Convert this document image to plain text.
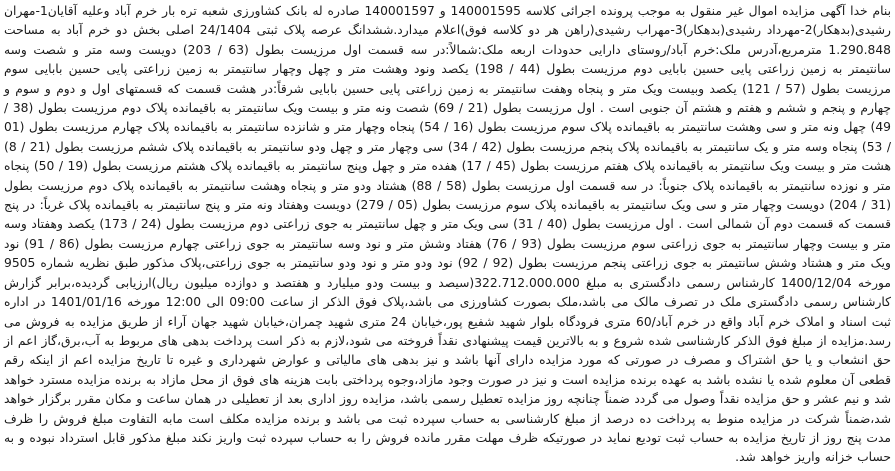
بنام خدا آگهی مزایده اموال غیر منقول به موجب پرونده اجرائی کلاسه 140001595 و 140001597 صادره له بانک کشاورزی شعبه تره بار خرم آباد وعلیه آقایان1-مهران رشیدی(بدهکار)2-مهرداد رشیدی(بدهکار)3-مهراب رشیدی(راهن هر دو کلاسه فوق)اعلام میدارد.ششدانگ عرصه پلاک ثبتی 24/1404 اصلی بخش دو خرم آباد به مساحت 1.290.848 مترمربع،آدرس ملک:خرم آباد/روستای دارایی حدودات اربعه ملک:شمالاً:در سه قسمت اول مرزیست بطول (63 / 203) دویست وسه متر و شصت وسه سانتیمتر به زمین زراعتی پایی حسین بابایی دوم مرزیست بطول (44 / 198) یکصد ونود وهشت متر و چهل وچهار سانتیمتر به زمین زراعتی پایی حسین بابایی سوم مرزیست بطول (57 / 121) یکصد وبیست ویک متر و پنجاه وهفت سانتیمتر به زمین زراعتی پایی حسین بابایی شرقاً:در هشت قسمت که قسمتهای اول و دوم و سوم و چهارم و پنجم و ششم و هفتم و هشتم آن جنوبی است . اول مرزیست بطول (21 / 69) شصت ونه متر و بیست ویک سانتیمتر به باقیمانده پلاک دوم مرزیست بطول (38 / 49) چهل ونه متر و سی وهشت سانتیمتر به باقیمانده پلاک سوم مرزیست بطول (16 / 54) پنجاه وچهار متر و شانزده سانتیمتر به باقیمانده پلاک چهارم مرزیست بطول (01 / 53) پنجاه وسه متر و یک سانتیمتر به باقیمانده پلاک پنجم مرزیست بطول (42 / 34) سی وچهار متر و چهل ودو سانتیمتر به باقیمانده پلاک ششم مرزیست بطول (21 / 8) هشت متر و بیست ویک سانتیمتر به باقیمانده پلاک هفتم مرزیست بطول (45 / 17) هفده متر و چهل وپنج سانتیمتر به باقیمانده پلاک هشتم مرزیست بطول (19 / 50) پنجاه متر و نوزده سانتیمتر به باقیمانده پلاک جنوباً: در سه قسمت اول مرزیست بطول (58 / 88) هشتاد ودو متر و پنجاه وهشت سانتیمتر به باقیمانده پلاک دوم مرزیست بطول (31 / 204) دویست وچهار متر و سی ویک سانتیمتر به باقیمانده پلاک سوم مرزیست بطول (05 / 279) دویست وهفتاد ونه متر و پنج سانتیمتر به باقیمانده پلاک غرباً: در پنج قسمت که قسمت دوم آن شمالی است . اول مرزیست بطول (40 / 31) سی ویک متر و چهل سانتیمتر به جوی زراعتی دوم مرزیست بطول (24 / 173) یکصد وهفتاد وسه متر و بیست وچهار سانتیمتر به جوی زراعتی سوم مرزیست بطول (93 / 76) هفتاد وشش متر و نود وسه سانتیمتر به جوی زراعتی چهارم مرزیست بطول (86 / 91) نود ویک متر و هشتاد وشش سانتیمتر به جوی زراعتی پنجم مرزیست بطول (92 / 92) نود ودو متر و نود ودو سانتیمتر به جوی زراعتی،پلاک مذکور طبق نظریه شماره 9505 مورخه 1400/12/04 کارشناس رسمی دادگستری به مبلغ 322.712.000.000(سیصد و بیست ودو میلیارد و هفتصد و دوازده میلیون ریال)ارزیابی گردیده،برابر گزارش کارشناس رسمی دادگستری ملک در تصرف مالک می باشد،ملک بصورت کشاورزی می باشد،پلاک فوق الذکر از ساعت 09:00 الی 12:00 مورخه 1401/01/16 در اداره ثبت اسناد و املاک خرم آباد واقع در خرم آباد/60 متری فرودگاه بلوار شهید شفیع پور،خیابان 24 متری شهید چمران،خیابان شهید جهان آراء از طریق مزایده به فروش می رسد.مزایده از مبلغ فوق الذکر کارشناسی شده شروع و به بالاترین قیمت پیشنهادی نقداً فروخته می شود،لازم به ذکر است پرداخت بدهی های مربوط به آب،برق،گاز اعم از حق انشعاب و یا حق اشتراک و مصرف در صورتی که مورد مزایده دارای آنها باشد و نیز بدهی های مالیاتی و عوارض شهرداری و غیره تا تاریخ مزایده اعم از اینکه رقم قطعی آن معلوم شده یا نشده باشد به عهده برنده مزایده است و نیز در صورت وجود مازاد،وجوه پرداختی بابت هزینه های فوق از محل مازاد به برنده مزایده مسترد خواهد شد و نیم عشر و حق مزایده نقداً وصول می گردد ضمناً چنانچه روز مزایده تعطیل رسمی باشد، مزایده روز اداری بعد از تعطیلی در همان ساعت و مکان مقرر برگزار خواهد شد،ضمناً شرکت در مزایده منوط به پرداخت ده درصد از مبلغ کارشناسی به حساب سپرده ثبت می باشد و برنده مزایده مکلف است مابه التفاوت مبلغ فروش را ظرف مدت پنج روز از تاریخ مزایده به حساب ثبت تودیع نماید در صورتیکه ظرف مهلت مقرر مانده فروش را به حساب سپرده ثبت واریز نکند مبلغ مذکور قابل استرداد نبوده و به حساب خزانه واریز خواهد شد.
